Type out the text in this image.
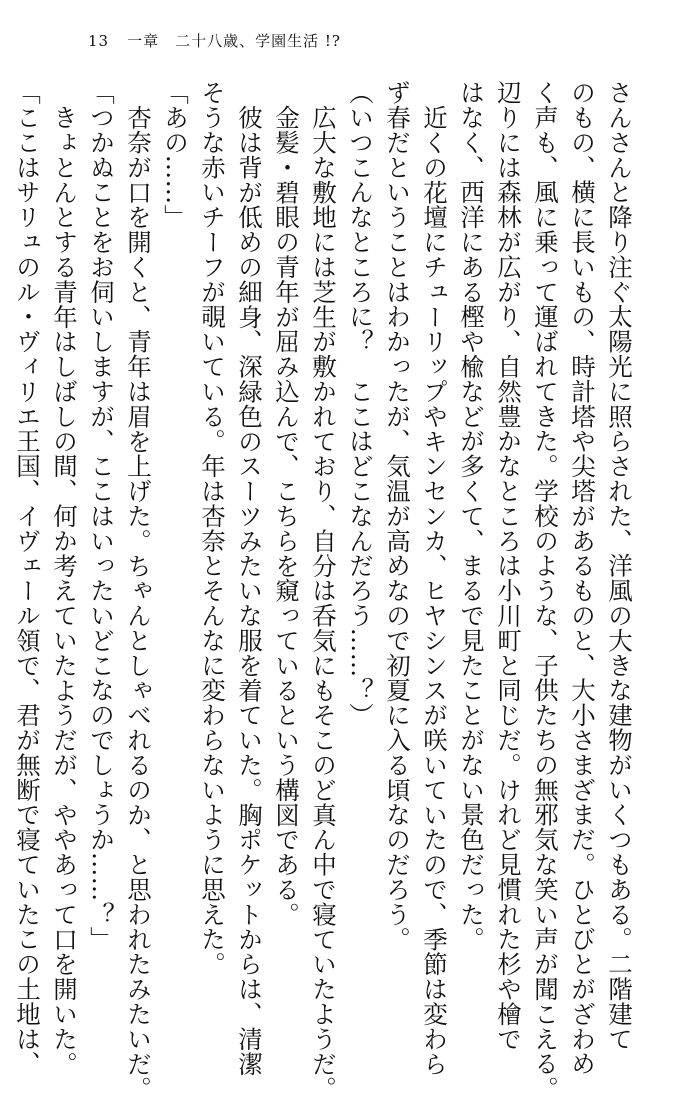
13 一章　二十八歳、学園生活 !?
さんさんと降り注ぐ太陽光に照らされた、洋風の大きな建物がいくつもある。二階建て
のもの、横に長いもの、時計塔や尖塔があるものと、大小さまざまだ。ひとびとがざわめ
く声も、風に乗って運ばれてきた。学校のような、子供たちの無邪気な笑い声が聞こえる。
辺りには森林が広がり、自然豊かなところは小川町と同じだ。けれど見慣れた杉や檜で
はなく、西洋にある樫や楡などが多くて、まるで見たことがない景色だった。
近くの花壇にチューリップやキンセンカ、ヒヤシンスが咲いていたので、季節は変わら
ず春だということはわかったが、気温が高めなので初夏に入る頃なのだろう。
（いつこんなところに？　ここはどこなんだろう……？）
広大な敷地には芝生が敷かれており、自分は呑気にもそこのど真ん中で寝ていたようだ。
金髪・碧眼の青年が屈み込んで、こちらを窺っているという構図である。
彼は背が低めの細身、深緑色のスーツみたいな服を着ていた。胸ポケットからは、清潔
そうな赤いチーフが覗いている。年は杏奈とそんなに変わらないように思えた。
「あの……」
杏奈が口を開くと、青年は眉を上げた。ちゃんとしゃべれるのか、と思われたみたいだ。
「つかぬことをお伺いしますが、ここはいったいどこなのでしょうか……？」
きょとんとする青年はしばしの間、何か考えていたようだが、ややあって口を開いた。
「ここはサリュのル・ヴィリエ王国、イヴェール領で、君が無断で寝ていたこの土地は、
